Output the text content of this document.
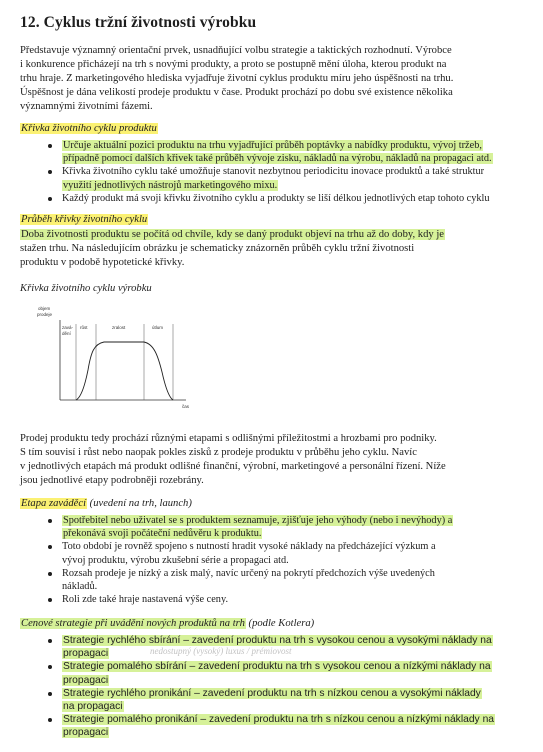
12. Cyklus tržní životnosti výrobku
Představuje významný orientační prvek, usnadňující volbu strategie a taktických rozhodnutí. Výrobce
i konkurence přicházejí na trh s novými produkty, a proto se postupně mění úloha, kterou produkt na
trhu hraje. Z marketingového hlediska vyjadřuje životní cyklus produktu míru jeho úspěšnosti na trhu.
Úspěšnost je dána velikostí prodeje produktu v čase. Produkt prochází po dobu své existence několika
významnými životními fázemi.
Křivka životního cyklu produktu
Určuje aktuální pozici produktu na trhu vyjadřující průběh poptávky a nabídky produktu, vývoj tržeb,
případně pomocí dalších křivek také průběh vývoje zisku, nákladů na výrobu, nákladů na propagaci atd.
Křivka životního cyklu také umožňuje stanovit nezbytnou periodicitu inovace produktů a také struktur
využití jednotlivých nástrojů marketingového mixu.
Každý produkt má svoji křivku životního cyklu a produkty se liší délkou jednotlivých etap tohoto cyklu
Průběh křivky životního cyklu
Doba životnosti produktu se počítá od chvíle, kdy se daný produkt objeví na trhu až do doby, kdy je
stažen trhu. Na následujícím obrázku je schematicky znázorněn průběh cyklu tržní životnosti
produktu v podobě hypotetické křivky.
Křivka životního cyklu výrobku
objem
prodeje
zavá-
dění
růst	zralost	útlum
čas
Prodej produktu tedy prochází různými etapami s odlišnými příležitostmi a hrozbami pro podniky.
S tím souvisí i růst nebo naopak pokles zisků z prodeje produktu v průběhu jeho cyklu. Navíc
v jednotlivých etapách má produkt odlišné finanční, výrobní, marketingové a personální řízení. Níže
jsou jednotlivé etapy podrobněji rozebrány.
Etapa zaváděcí (uvedení na trh, launch)
Spotřebitel nebo uživatel se s produktem seznamuje, zjišťuje jeho výhody (nebo i nevýhody) a
překonává svoji počáteční nedůvěru k produktu.
Toto období je rovněž spojeno s nutností hradit vysoké náklady na předcházející výzkum a
vývoj produktu, výrobu zkušební série a propagaci atd.
Rozsah prodeje je nízký a zisk malý, navíc určený na pokrytí předchozích výše uvedených
nákladů.
Roli zde také hraje nastavená výše ceny.
Cenové strategie při uvádění nových produktů na trh (podle Kotlera)
Strategie rychlého sbírání – zavedení produktu na trh s vysokou cenou a vysokými náklady na
propagaci
Strategie pomalého sbírání – zavedení produktu na trh s vysokou cenou a nízkými náklady na
propagaci
Strategie rychlého pronikání – zavedení produktu na trh s nízkou cenou a vysokými náklady
na propagaci
Strategie pomalého pronikání – zavedení produktu na trh s nízkou cenou a nízkými náklady na
propagaci
nedostupný (vysoký) luxus / prémiovost
